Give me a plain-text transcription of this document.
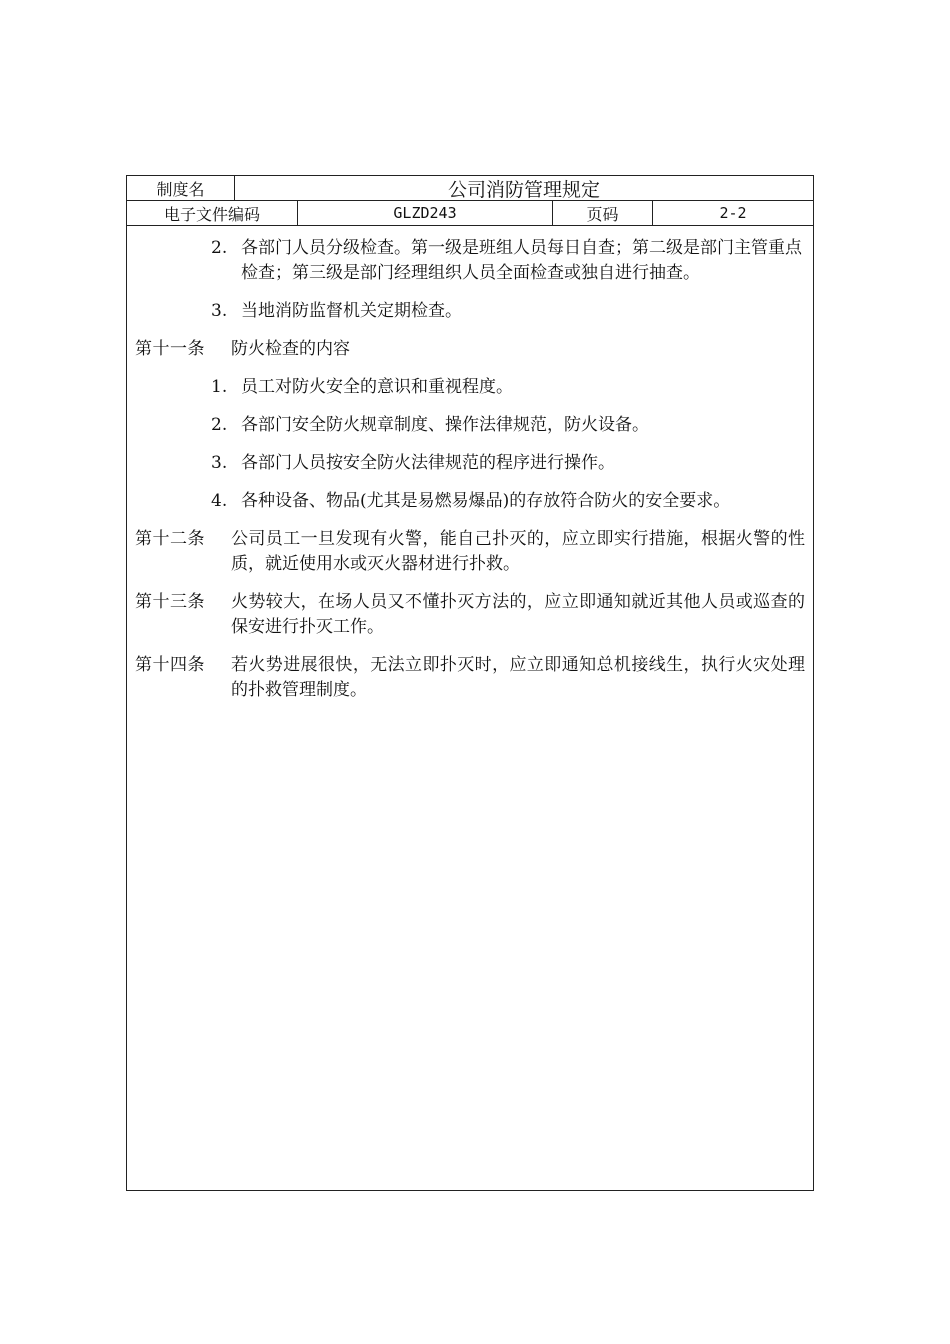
制度名	公司消防管理规定
电子文件编码	GLZD243	页码	2-2
2. 各部门人员分级检查。第一级是班组人员每日自查；第二级是部门主管重点检查；第三级是部门经理组织人员全面检查或独自进行抽查。
3. 当地消防监督机关定期检查。
第十一条	防火检查的内容
1. 员工对防火安全的意识和重视程度。
2. 各部门安全防火规章制度、操作法律规范，防火设备。
3. 各部门人员按安全防火法律规范的程序进行操作。
4. 各种设备、物品(尤其是易燃易爆品)的存放符合防火的安全要求。
第十二条	公司员工一旦发现有火警，能自己扑灭的，应立即实行措施，根据火警的性质，就近使用水或灭火器材进行扑救。
第十三条	火势较大，在场人员又不懂扑灭方法的，应立即通知就近其他人员或巡查的保安进行扑灭工作。
第十四条	若火势进展很快，无法立即扑灭时，应立即通知总机接线生，执行火灾处理的扑救管理制度。
